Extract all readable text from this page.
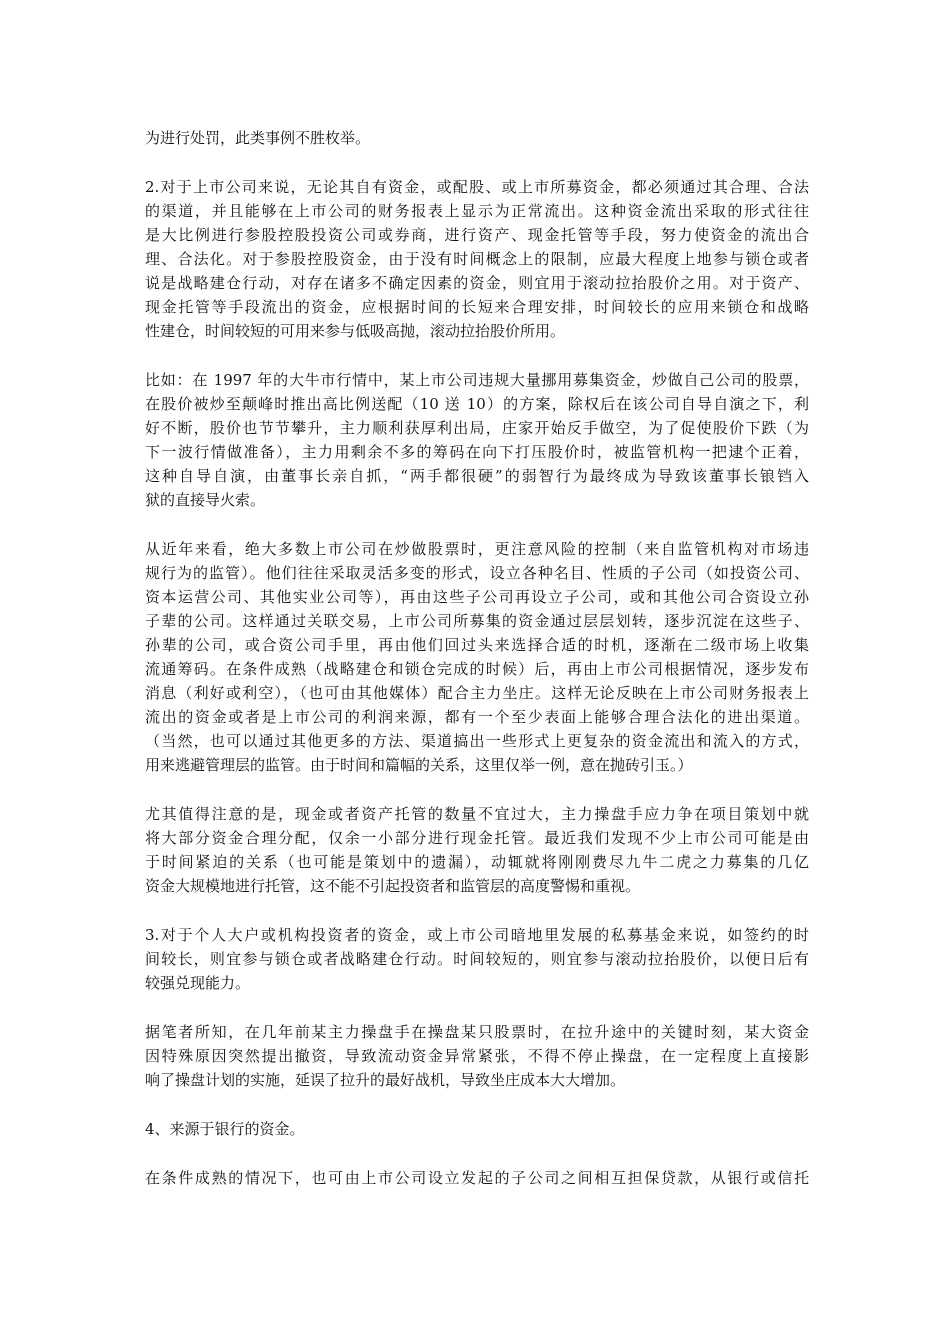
为进行处罚，此类事例不胜枚举。
2.对于上市公司来说，无论其自有资金，或配股、或上市所募资金，都必须通过其合理、合法
的渠道，并且能够在上市公司的财务报表上显示为正常流出。这种资金流出采取的形式往往
是大比例进行参股控股投资公司或券商，进行资产、现金托管等手段，努力使资金的流出合
理、合法化。对于参股控股资金，由于没有时间概念上的限制，应最大程度上地参与锁仓或者
说是战略建仓行动，对存在诸多不确定因素的资金，则宜用于滚动拉抬股价之用。对于资产、
现金托管等手段流出的资金，应根据时间的长短来合理安排，时间较长的应用来锁仓和战略
性建仓，时间较短的可用来参与低吸高抛，滚动拉抬股价所用。
比如：在 1997 年的大牛市行情中，某上市公司违规大量挪用募集资金，炒做自己公司的股票，
在股价被炒至颠峰时推出高比例送配（10 送 10）的方案，除权后在该公司自导自演之下，利
好不断，股价也节节攀升，主力顺利获厚利出局，庄家开始反手做空，为了促使股价下跌（为
下一波行情做准备），主力用剩余不多的筹码在向下打压股价时，被监管机构一把逮个正着，
这种自导自演，由董事长亲自抓，“两手都很硬”的弱智行为最终成为导致该董事长锒铛入
狱的直接导火索。
从近年来看，绝大多数上市公司在炒做股票时，更注意风险的控制（来自监管机构对市场违
规行为的监管）。他们往往采取灵活多变的形式，设立各种名目、性质的子公司（如投资公司、
资本运营公司、其他实业公司等），再由这些子公司再设立子公司，或和其他公司合资设立孙
子辈的公司。这样通过关联交易，上市公司所募集的资金通过层层划转，逐步沉淀在这些子、
孙辈的公司，或合资公司手里，再由他们回过头来选择合适的时机，逐渐在二级市场上收集
流通筹码。在条件成熟（战略建仓和锁仓完成的时候）后，再由上市公司根据情况，逐步发布
消息（利好或利空），（也可由其他媒体）配合主力坐庄。这样无论反映在上市公司财务报表上
流出的资金或者是上市公司的利润来源，都有一个至少表面上能够合理合法化的进出渠道。
（当然，也可以通过其他更多的方法、渠道搞出一些形式上更复杂的资金流出和流入的方式，
用来逃避管理层的监管。由于时间和篇幅的关系，这里仅举一例，意在抛砖引玉。）
尤其值得注意的是，现金或者资产托管的数量不宜过大，主力操盘手应力争在项目策划中就
将大部分资金合理分配，仅余一小部分进行现金托管。最近我们发现不少上市公司可能是由
于时间紧迫的关系（也可能是策划中的遗漏），动辄就将刚刚费尽九牛二虎之力募集的几亿
资金大规模地进行托管，这不能不引起投资者和监管层的高度警惕和重视。
3.对于个人大户或机构投资者的资金，或上市公司暗地里发展的私募基金来说，如签约的时
间较长，则宜参与锁仓或者战略建仓行动。时间较短的，则宜参与滚动拉抬股价，以便日后有
较强兑现能力。
据笔者所知，在几年前某主力操盘手在操盘某只股票时，在拉升途中的关键时刻，某大资金
因特殊原因突然提出撤资，导致流动资金异常紧张，不得不停止操盘，在一定程度上直接影
响了操盘计划的实施，延误了拉升的最好战机，导致坐庄成本大大增加。
4、来源于银行的资金。
在条件成熟的情况下，也可由上市公司设立发起的子公司之间相互担保贷款，从银行或信托
